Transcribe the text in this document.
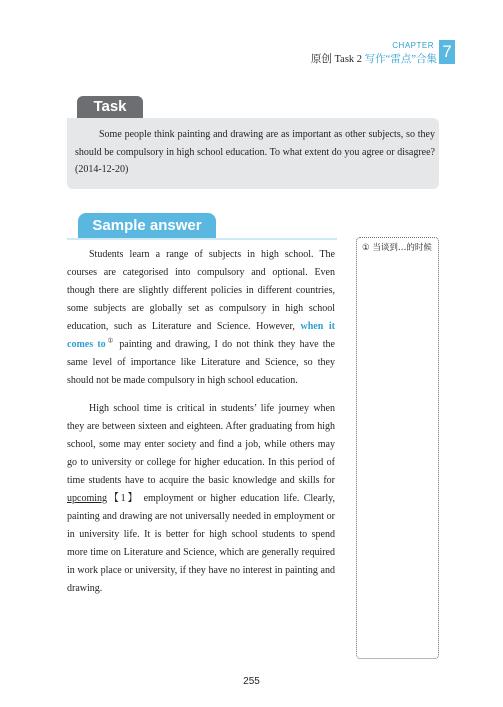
CHAPTER
原创 Task 2 写作“雷点”合集 7
Task

Some people think painting and drawing are as important as other subjects, so they should be compulsory in high school education. To what extent do you agree or disagree? (2014-12-20)

Sample answer

Students learn a range of subjects in high school. The courses are categorised into compulsory and optional. Even though there are slightly different policies in different countries, some subjects are globally set as compulsory in high school education, such as Literature and Science. However, when it comes to① painting and drawing, I do not think they have the same level of importance like Literature and Science, so they should not be made compulsory in high school education.

High school time is critical in students’ life journey when they are between sixteen and eighteen. After graduating from high school, some may enter society and find a job, while others may go to university or college for higher education. In this period of time students have to acquire the basic knowledge and skills for upcoming【1】 employment or higher education life. Clearly, painting and drawing are not universally needed in employment or in university life. It is better for high school students to spend more time on Literature and Science, which are generally required in work place or university, if they have no interest in painting and drawing.

① 当谈到…的时候

255
